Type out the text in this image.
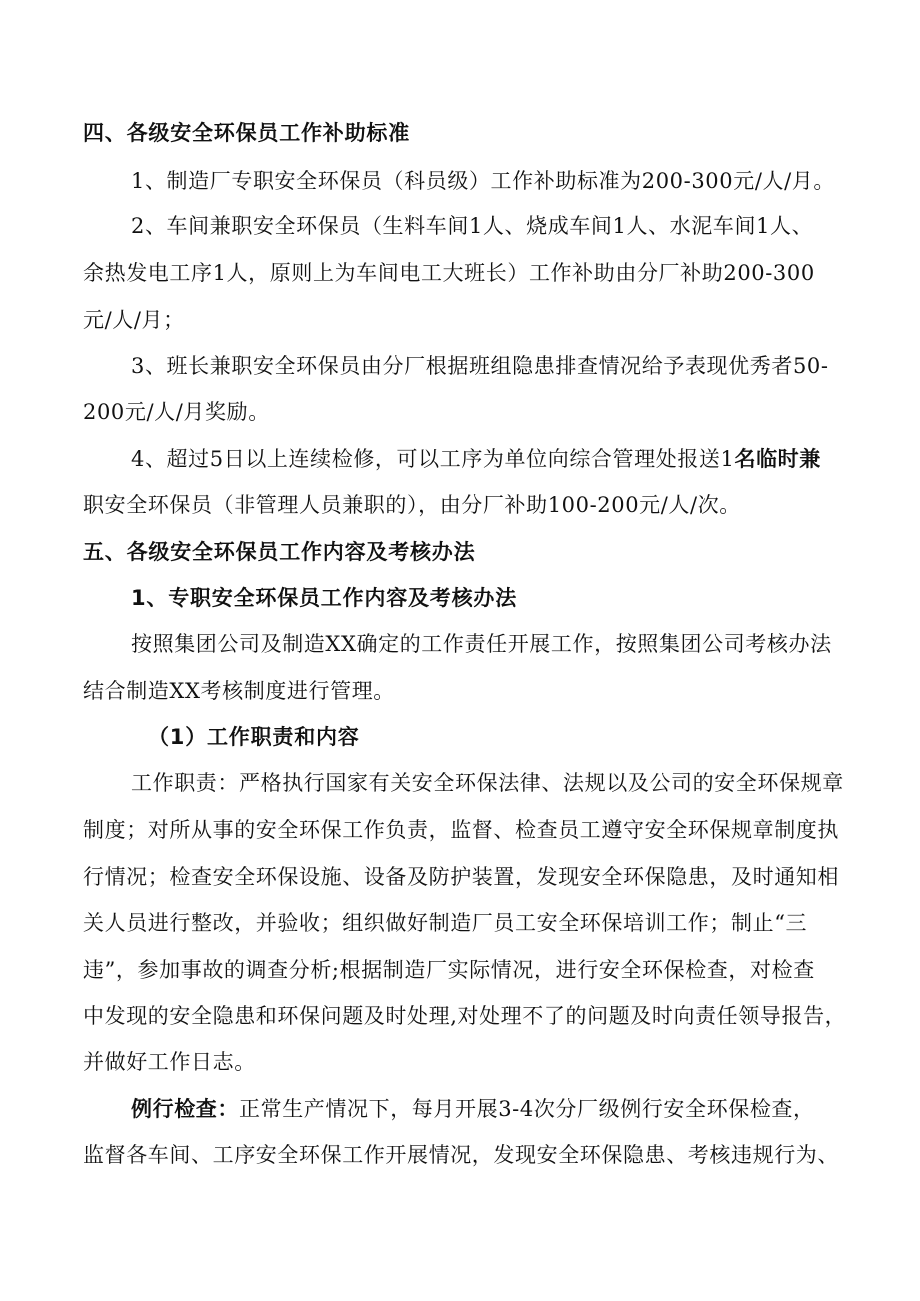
四、各级安全环保员工作补助标准
1、制造厂专职安全环保员（科员级）工作补助标准为200-300元/人/月。
2、车间兼职安全环保员（生料车间1人、烧成车间1人、水泥车间1人、
余热发电工序1人，原则上为车间电工大班长）工作补助由分厂补助200-300
元/人/月；
3、班长兼职安全环保员由分厂根据班组隐患排查情况给予表现优秀者50-
200元/人/月奖励。
4、超过5日以上连续检修，可以工序为单位向综合管理处报送1名临时兼
职安全环保员（非管理人员兼职的），由分厂补助100-200元/人/次。
五、各级安全环保员工作内容及考核办法
1、专职安全环保员工作内容及考核办法
按照集团公司及制造XX确定的工作责任开展工作，按照集团公司考核办法
结合制造XX考核制度进行管理。
（1）工作职责和内容
工作职责：严格执行国家有关安全环保法律、法规以及公司的安全环保规章
制度；对所从事的安全环保工作负责，监督、检查员工遵守安全环保规章制度执
行情况；检查安全环保设施、设备及防护装置，发现安全环保隐患，及时通知相
关人员进行整改，并验收；组织做好制造厂员工安全环保培训工作；制止“三
违”，参加事故的调查分析;根据制造厂实际情况，进行安全环保检查，对检查
中发现的安全隐患和环保问题及时处理,对处理不了的问题及时向责任领导报告，
并做好工作日志。
例行检查：正常生产情况下，每月开展3-4次分厂级例行安全环保检查，
监督各车间、工序安全环保工作开展情况，发现安全环保隐患、考核违规行为、
